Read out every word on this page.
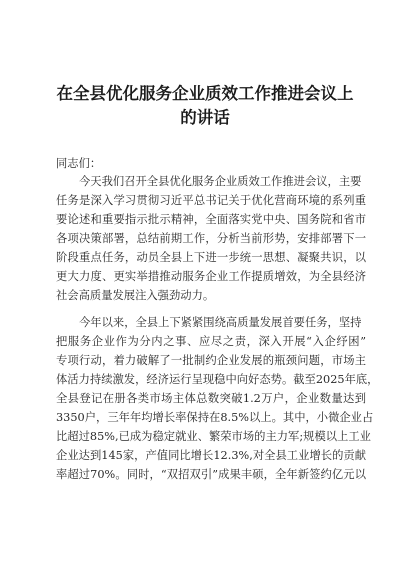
在全县优化服务企业质效工作推进会议上
的讲话

同志们：

今天我们召开全县优化服务企业质效工作推进会议，主要

任务是深入学习贯彻习近平总书记关于优化营商环境的系列重

要论述和重要指示批示精神，全面落实党中央、国务院和省市

各项决策部署，总结前期工作，分析当前形势，安排部署下一

阶段重点任务，动员全县上下进一步统一思想、凝聚共识，以

更大力度、更实举措推动服务企业工作提质增效，为全县经济

社会高质量发展注入强劲动力。

今年以来，全县上下紧紧围绕高质量发展首要任务，坚持

把服务企业作为分内之事、应尽之责，深入开展“入企纾困”

专项行动，着力破解了一批制约企业发展的瓶颈问题，市场主

体活力持续激发，经济运行呈现稳中向好态势。截至2025年底，

全县登记在册各类市场主体总数突破1.2万户，企业数量达到

3350户，三年年均增长率保持在8.5%以上。其中，小微企业占

比超过85%,已成为稳定就业、繁荣市场的主力军;规模以上工业

企业达到145家，产值同比增长12.3%,对全县工业增长的贡献

率超过70%。同时，“双招双引”成果丰硕，全年新签约亿元以
